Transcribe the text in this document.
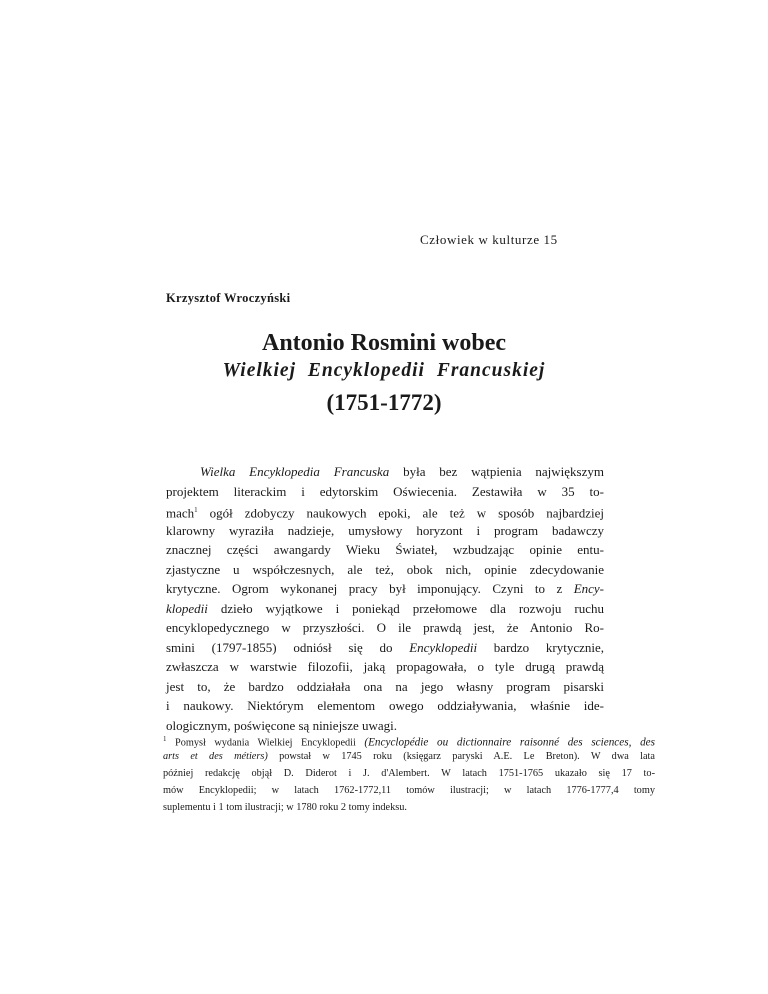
Człowiek w kulturze 15
Krzysztof Wroczyński
Antonio Rosmini wobec
Wielkiej Encyklopedii Francuskiej
(1751-1772)
Wielka Encyklopedia Francuska była bez wątpienia największym
projektem literackim i edytorskim Oświecenia. Zestawiła w 35 to-
mach$^1$ ogół zdobyczy naukowych epoki, ale też w sposób najbardziej
klarowny wyraziła nadzieje, umysłowy horyzont i program badawczy
znacznej części awangardy Wieku Świateł, wzbudzając opinie entu-
zjastyczne u współczesnych, ale też, obok nich, opinie zdecydowanie
krytyczne. Ogrom wykonanej pracy był imponujący. Czyni to z Ency-
klopedii dzieło wyjątkowe i poniekąd przełomowe dla rozwoju ruchu
encyklopedycznego w przyszłości. O ile prawdą jest, że Antonio Ro-
smini (1797-1855) odniósł się do Encyklopedii bardzo krytycznie,
zwłaszcza w warstwie filozofii, jaką propagowała, o tyle drugą prawdą
jest to, że bardzo oddziałała ona na jego własny program pisarski
i naukowy. Niektórym elementom owego oddziaływania, właśnie ide-
ologicznym, poświęcone są niniejsze uwagi.
$^1$ Pomysł wydania Wielkiej Encyklopedii (Encyclopédie ou dictionnaire raisonné des sciences, des
arts et des métiers) powstał w 1745 roku (księgarz paryski A.E. Le Breton). W dwa lata
później redakcję objął D. Diderot i J. d'Alembert. W latach 1751-1765 ukazało się 17 to-
mów Encyklopedii; w latach 1762-1772,11 tomów ilustracji; w latach 1776-1777,4 tomy
suplementu i 1 tom ilustracji; w 1780 roku 2 tomy indeksu.
